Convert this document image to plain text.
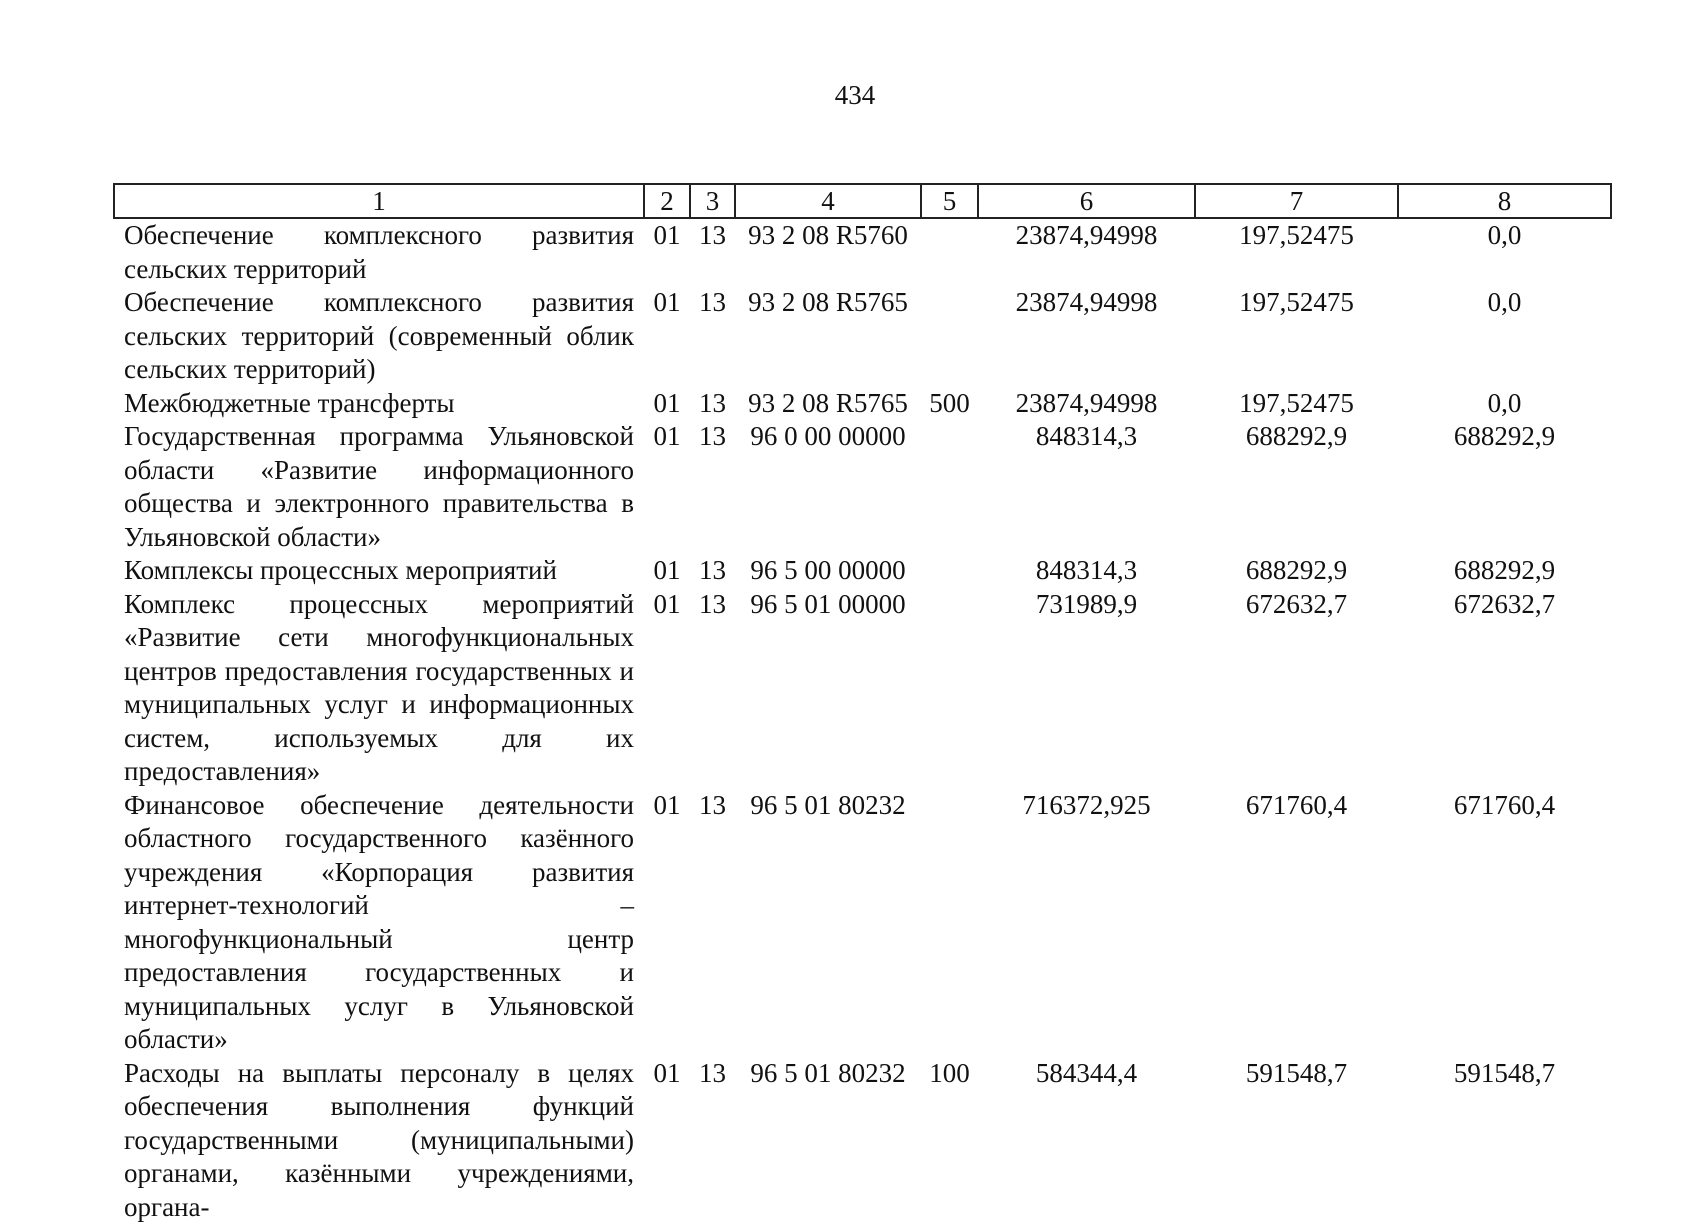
434
1	2	3	4	5	6	7	8
Обеспечение комплексного развития сельских территорий	01	13	93 2 08 R5760		23874,94998	197,52475	0,0
Обеспечение комплексного развития сельских территорий (современный облик сельских территорий)	01	13	93 2 08 R5765		23874,94998	197,52475	0,0
Межбюджетные трансферты	01	13	93 2 08 R5765	500	23874,94998	197,52475	0,0
Государственная программа Ульяновской области «Развитие информационного общества и электронного правительства в Ульяновской области»	01	13	96 0 00 00000		848314,3	688292,9	688292,9
Комплексы процессных мероприятий	01	13	96 5 00 00000		848314,3	688292,9	688292,9
Комплекс процессных мероприятий «Развитие сети многофункциональных центров предоставления государственных и муниципальных услуг и информационных систем, используемых для их предоставления»	01	13	96 5 01 00000		731989,9	672632,7	672632,7
Финансовое обеспечение деятельности областного государственного казённого учреждения «Корпорация развития интернет-технологий – многофункциональный центр предоставления государственных и муниципальных услуг в Ульяновской области»	01	13	96 5 01 80232		716372,925	671760,4	671760,4
Расходы на выплаты персоналу в целях обеспечения выполнения функций государственными (муниципальными) органами, казёнными учреждениями, органа-	01	13	96 5 01 80232	100	584344,4	591548,7	591548,7
